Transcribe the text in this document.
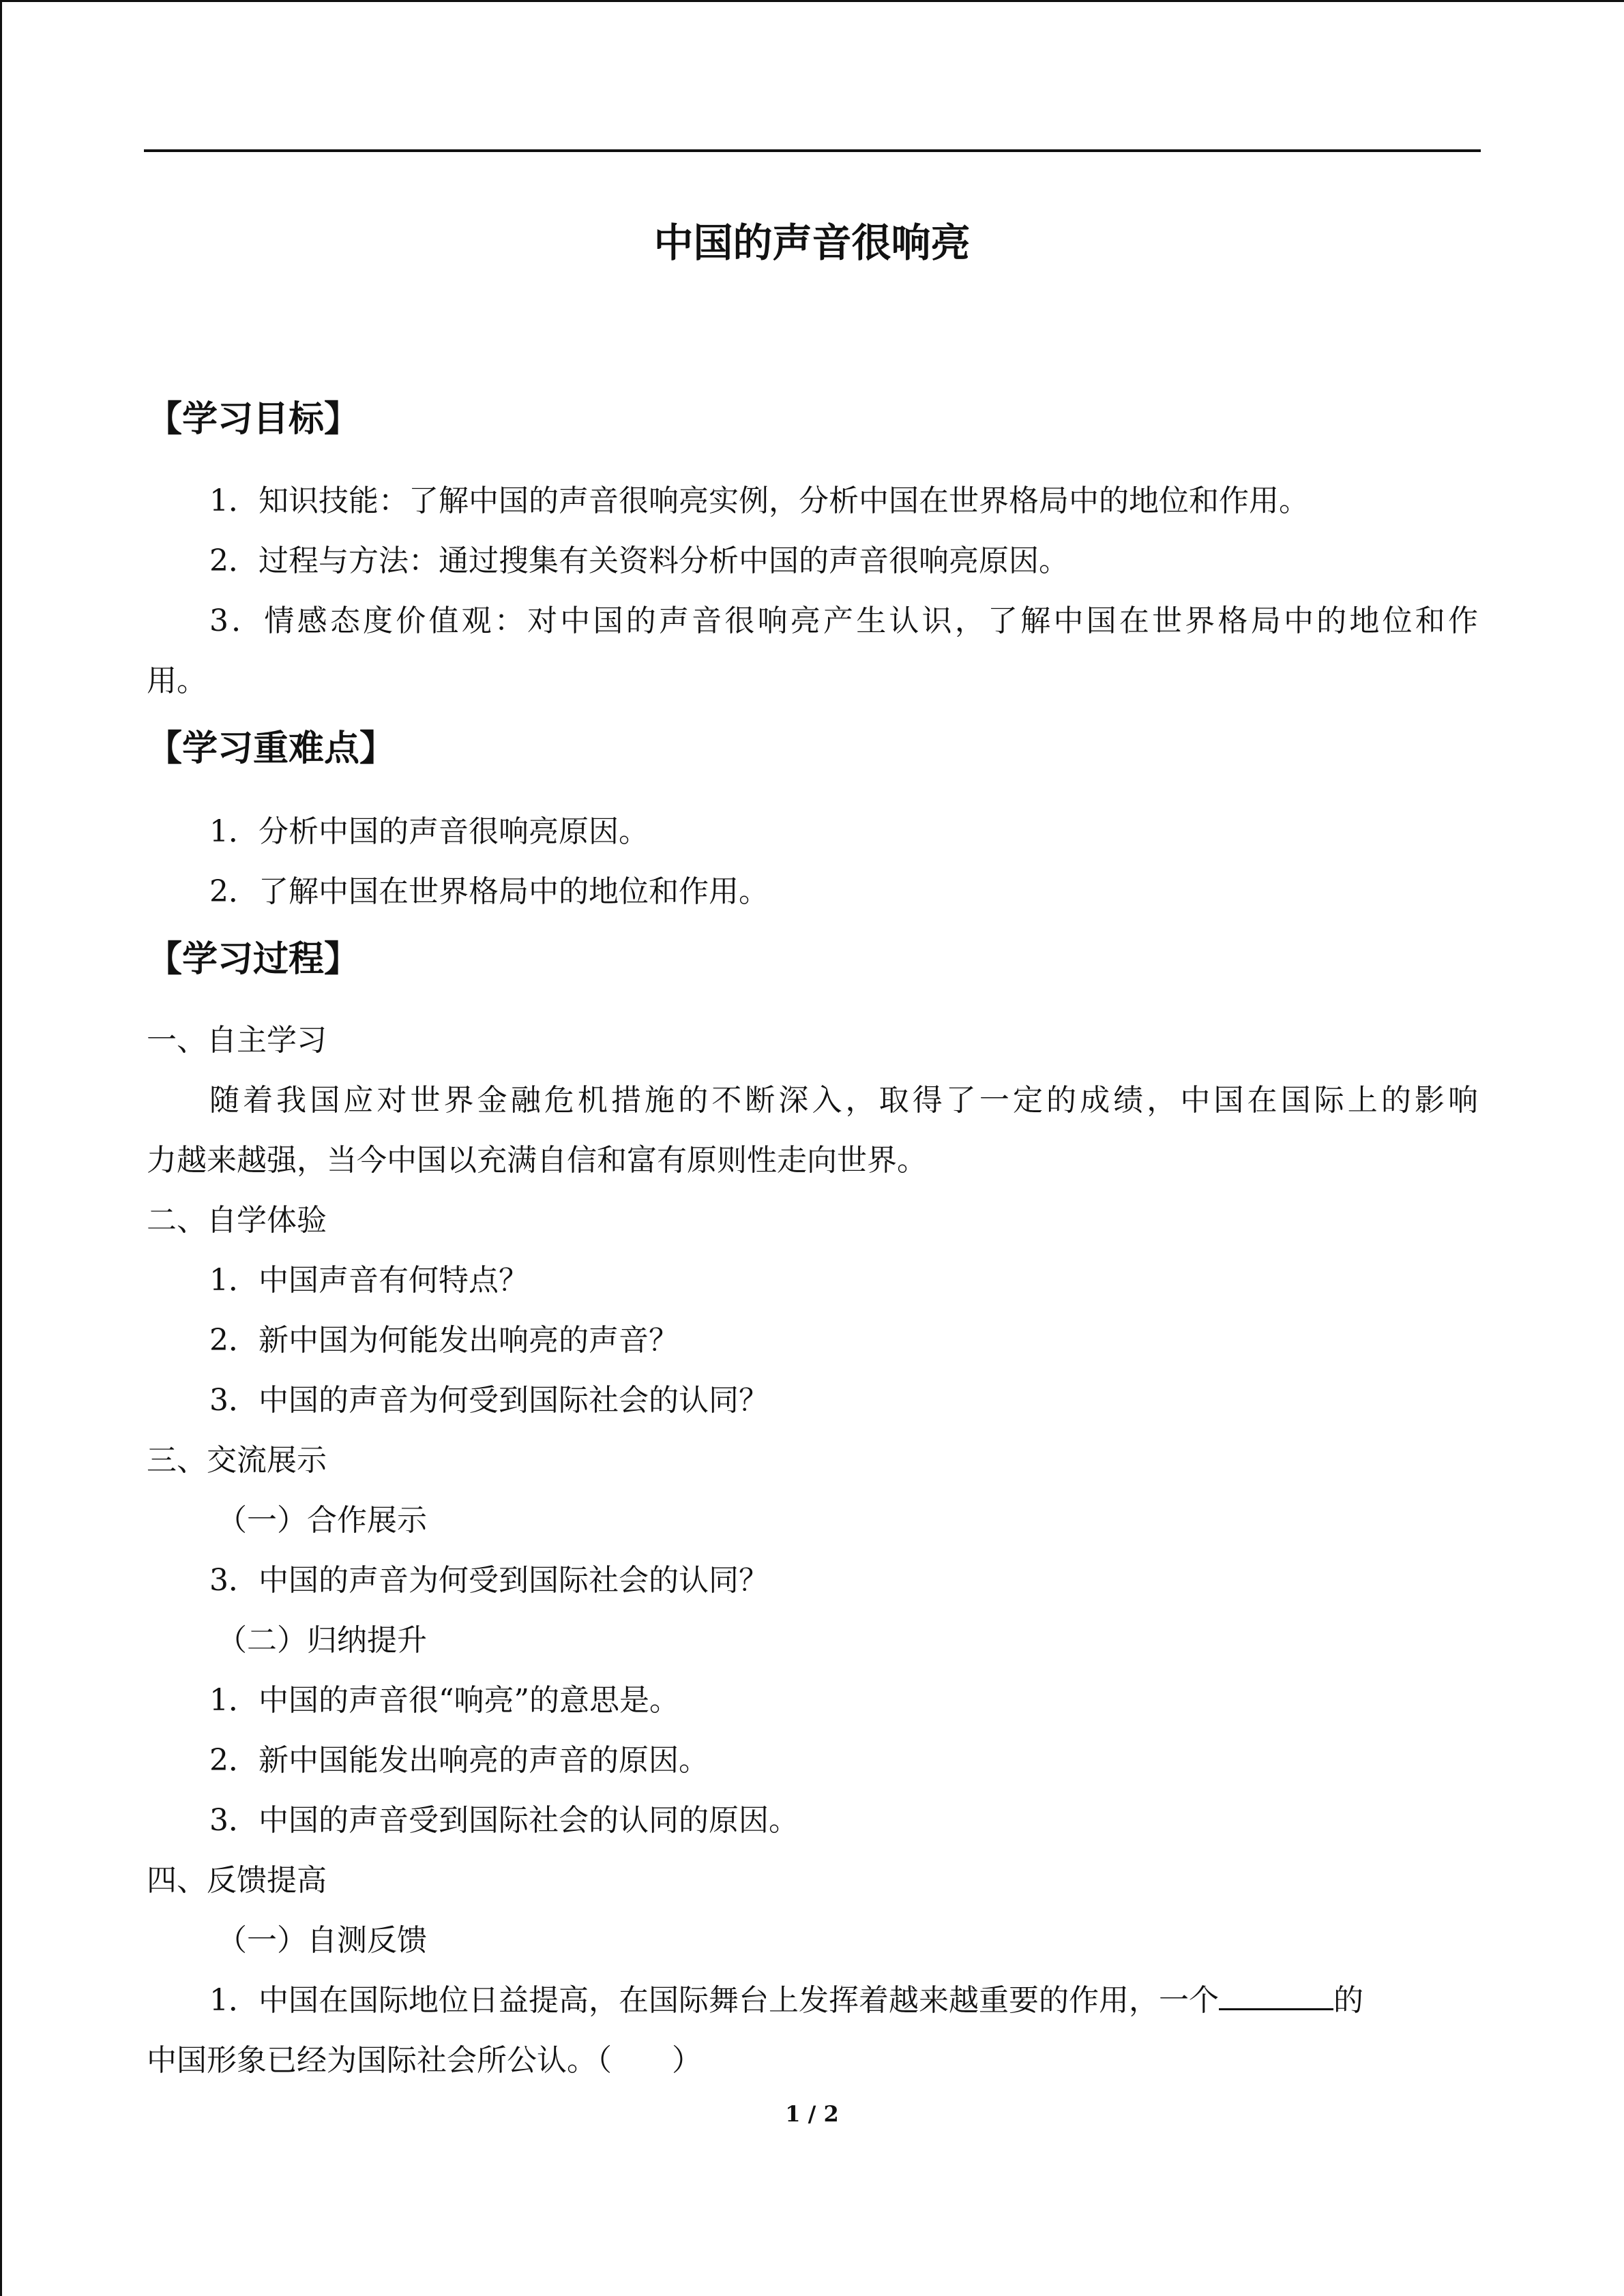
中国的声音很响亮
【学习目标】
1．知识技能：了解中国的声音很响亮实例，分析中国在世界格局中的地位和作用。
2．过程与方法：通过搜集有关资料分析中国的声音很响亮原因。
3．情感态度价值观：对中国的声音很响亮产生认识，了解中国在世界格局中的地位和作
用。
【学习重难点】
1．分析中国的声音很响亮原因。
2．了解中国在世界格局中的地位和作用。
【学习过程】
一、自主学习
随着我国应对世界金融危机措施的不断深入，取得了一定的成绩，中国在国际上的影响
力越来越强，当今中国以充满自信和富有原则性走向世界。
二、自学体验
1．中国声音有何特点？
2．新中国为何能发出响亮的声音？
3．中国的声音为何受到国际社会的认同？
三、交流展示
（一）合作展示
3．中国的声音为何受到国际社会的认同？
（二）归纳提升
1．中国的声音很“响亮”的意思是。
2．新中国能发出响亮的声音的原因。
3．中国的声音受到国际社会的认同的原因。
四、反馈提高
（一）自测反馈
1．中国在国际地位日益提高，在国际舞台上发挥着越来越重要的作用，一个	的
中国形象已经为国际社会所公认。（　　）
1 / 2
